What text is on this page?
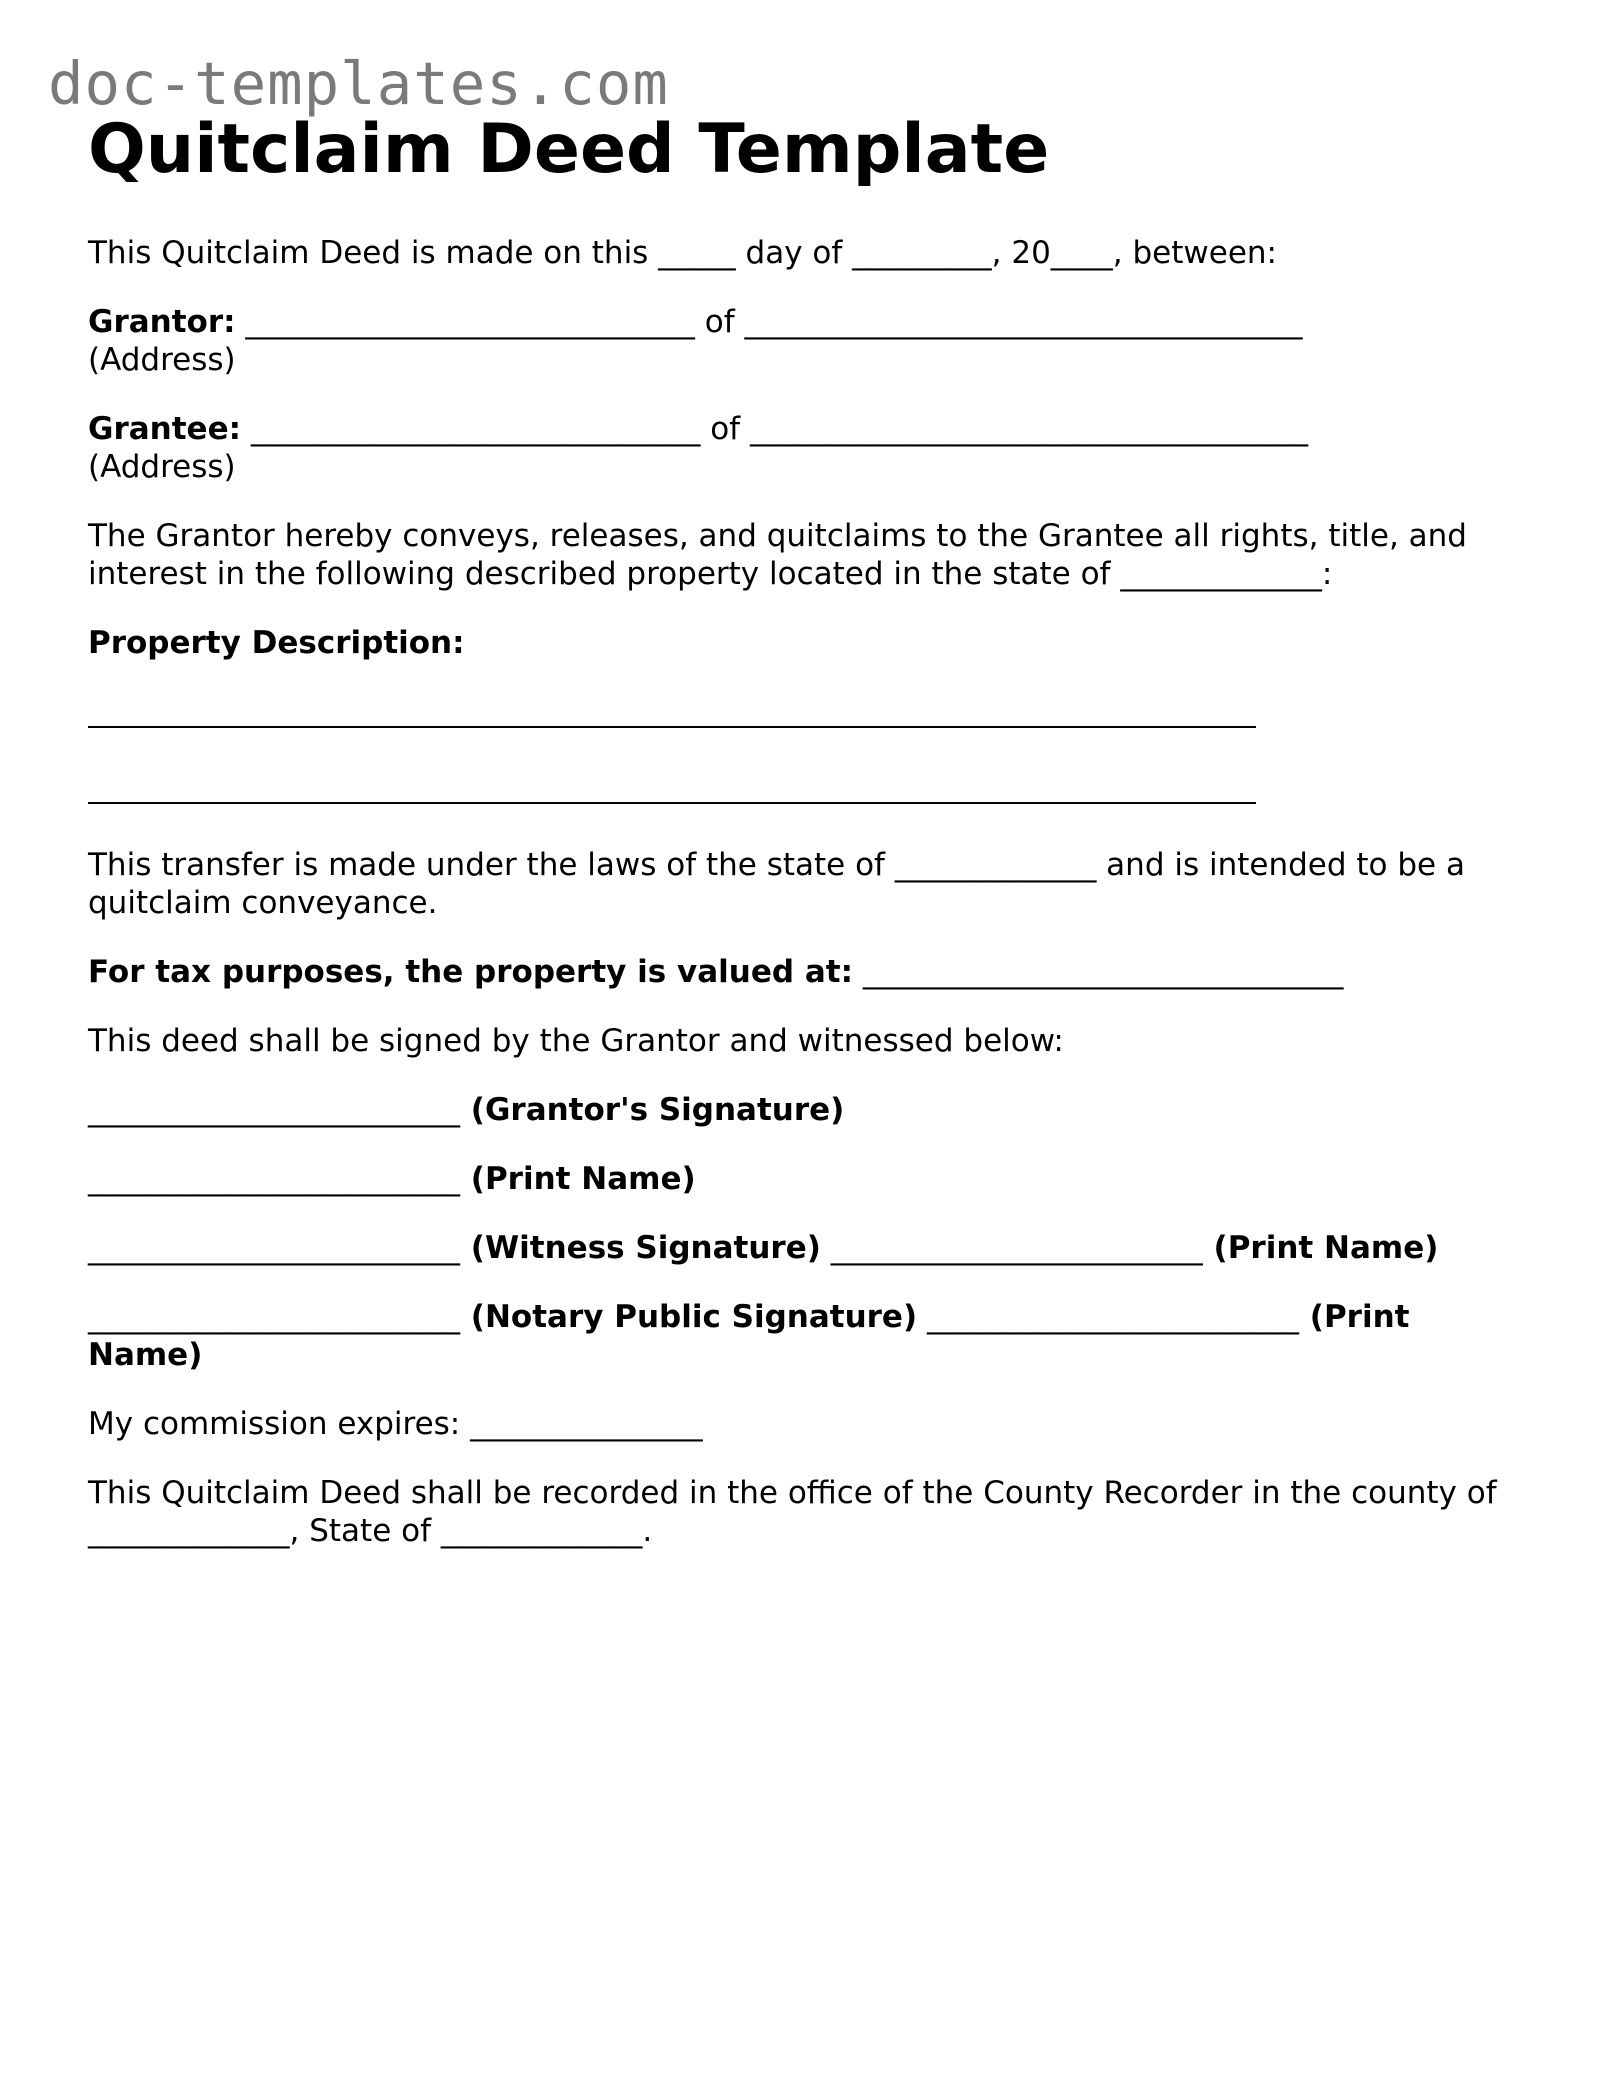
doc-templates.com
Quitclaim Deed Template

This Quitclaim Deed is made on this _____ day of _________, 20____, between:

Grantor: _____________________________ of ____________________________________
(Address)

Grantee: _____________________________ of ____________________________________
(Address)

The Grantor hereby conveys, releases, and quitclaims to the Grantee all rights, title, and interest in the following described property located in the state of _____________:

Property Description:

This transfer is made under the laws of the state of _____________ and is intended to be a quitclaim conveyance.

For tax purposes, the property is valued at: _______________________________

This deed shall be signed by the Grantor and witnessed below:

________________________ (Grantor's Signature)

________________________ (Print Name)

________________________ (Witness Signature) ________________________ (Print Name)

________________________ (Notary Public Signature) ________________________ (Print Name)

My commission expires: _______________

This Quitclaim Deed shall be recorded in the office of the County Recorder in the county of _____________, State of _____________.
